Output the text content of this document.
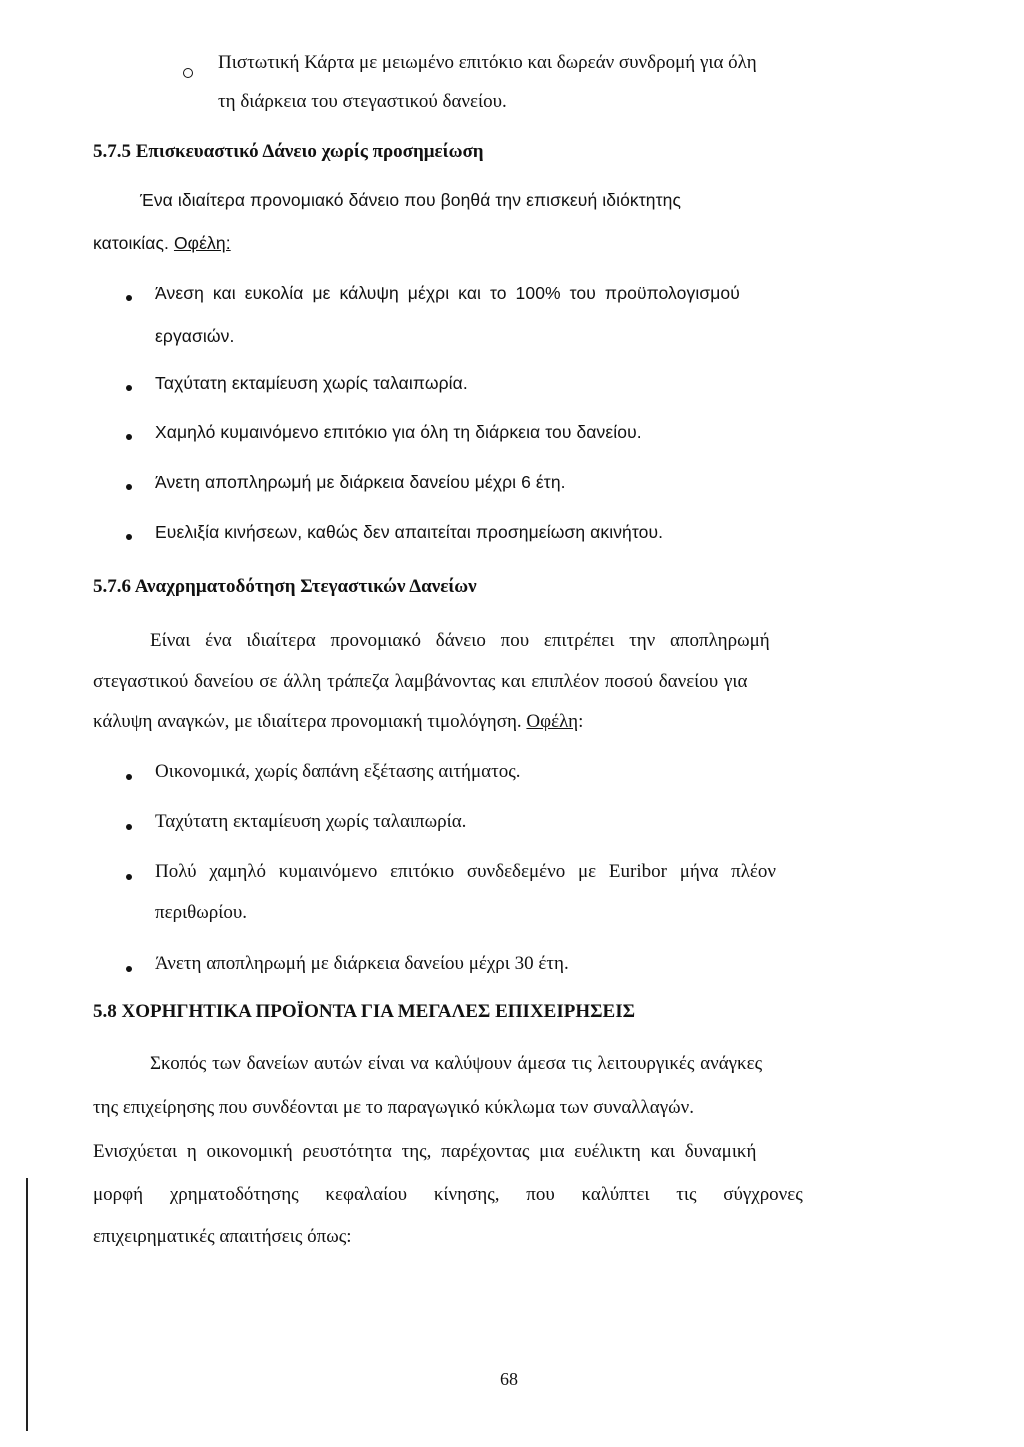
Πιστωτική Κάρτα με μειωμένο επιτόκιο και δωρεάν συνδρομή για όλη
τη διάρκεια του στεγαστικού δανείου.
5.7.5 Επισκευαστικό Δάνειο χωρίς προσημείωση
Ένα ιδιαίτερα προνομιακό δάνειο που βοηθά την επισκευή ιδιόκτητης
κατοικίας. Οφέλη:
Άνεση και ευκολία με κάλυψη μέχρι και το 100% του προϋπολογισμού
εργασιών.
Ταχύτατη εκταμίευση χωρίς ταλαιπωρία.
Χαμηλό κυμαινόμενο επιτόκιο για όλη τη διάρκεια του δανείου.
Άνετη αποπληρωμή με διάρκεια δανείου μέχρι 6 έτη.
Ευελιξία κινήσεων, καθώς δεν απαιτείται προσημείωση ακινήτου.
5.7.6 Αναχρηματοδότηση Στεγαστικών Δανείων
Είναι ένα ιδιαίτερα προνομιακό δάνειο που επιτρέπει την αποπληρωμή
στεγαστικού δανείου σε άλλη τράπεζα λαμβάνοντας και επιπλέον ποσού δανείου για
κάλυψη αναγκών, με ιδιαίτερα προνομιακή τιμολόγηση. Οφέλη:
Οικονομικά, χωρίς δαπάνη εξέτασης αιτήματος.
Ταχύτατη εκταμίευση χωρίς ταλαιπωρία.
Πολύ χαμηλό κυμαινόμενο επιτόκιο συνδεδεμένο με Euribor μήνα πλέον
περιθωρίου.
Άνετη αποπληρωμή με διάρκεια δανείου μέχρι 30 έτη.
5.8 ΧΟΡΗΓΗΤΙΚΑ ΠΡΟΪΟΝΤΑ ΓΙΑ ΜΕΓΑΛΕΣ ΕΠΙΧΕΙΡΗΣΕΙΣ
Σκοπός των δανείων αυτών είναι να καλύψουν άμεσα τις λειτουργικές ανάγκες
της επιχείρησης που συνδέονται με το παραγωγικό κύκλωμα των συναλλαγών.
Ενισχύεται η οικονομική ρευστότητα της, παρέχοντας μια ευέλικτη και δυναμική
μορφή χρηματοδότησης κεφαλαίου κίνησης, που καλύπτει τις σύγχρονες
επιχειρηματικές απαιτήσεις όπως:
68
